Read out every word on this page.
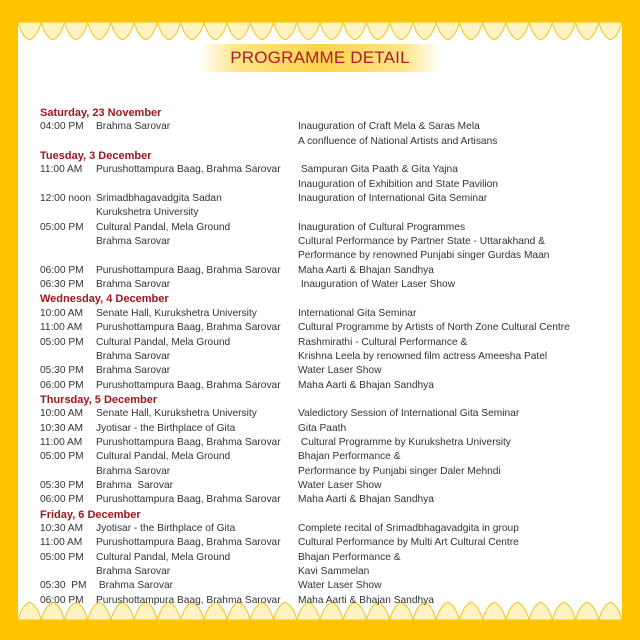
PROGRAMME DETAIL
Saturday, 23 November
04:00 PM	Brahma Sarovar	Inauguration of Craft Mela & Saras Mela
A confluence of National Artists and Artisans
Tuesday, 3 December
11:00 AM	Purushottampura Baag, Brahma Sarovar	Sampuran Gita Paath & Gita Yajna
Inauguration of Exhibition and State Pavilion
12:00 noon Srimadbhagavadgita Sadan	Inauguration of International Gita Seminar
Kurukshetra University
05:00 PM	Cultural Pandal, Mela Ground	Inauguration of Cultural Programmes
Brahma Sarovar	Cultural Performance by Partner State - Uttarakhand &
Performance by renowned Punjabi singer Gurdas Maan
06:00 PM	Purushottampura Baag, Brahma Sarovar	Maha Aarti & Bhajan Sandhya
06:30 PM	Brahma Sarovar	Inauguration of Water Laser Show
Wednesday, 4 December
10:00 AM	Senate Hall, Kurukshetra University	International Gita Seminar
11:00 AM	Purushottampura Baag, Brahma Sarovar	Cultural Programme by Artists of North Zone Cultural Centre
05:00 PM	Cultural Pandal, Mela Ground	Rashmirathi - Cultural Performance &
Brahma Sarovar	Krishna Leela by renowned film actress Ameesha Patel
05:30 PM	Brahma Sarovar	Water Laser Show
06:00 PM	Purushottampura Baag, Brahma Sarovar	Maha Aarti & Bhajan Sandhya
Thursday, 5 December
10:00 AM	Senate Hall, Kurukshetra University	Valedictory Session of International Gita Seminar
10:30 AM	Jyotisar - the Birthplace of Gita	Gita Paath
11:00 AM	Purushottampura Baag, Brahma Sarovar	Cultural Programme by Kurukshetra University
05:00 PM	Cultural Pandal, Mela Ground	Bhajan Performance &
Brahma Sarovar	Performance by Punjabi singer Daler Mehndi
05:30 PM	Brahma  Sarovar	Water Laser Show
06:00 PM	Purushottampura Baag, Brahma Sarovar	Maha Aarti & Bhajan Sandhya
Friday, 6 December
10:30 AM	Jyotisar - the Birthplace of Gita	Complete recital of Srimadbhagavadgita in group
11:00 AM	Purushottampura Baag, Brahma Sarovar	Cultural Performance by Multi Art Cultural Centre
05:00 PM	Cultural Pandal, Mela Ground	Bhajan Performance &
Brahma Sarovar	Kavi Sammelan
05:30  PM Brahma Sarovar	Water Laser Show
06:00 PM	Purushottampura Baag, Brahma Sarovar	Maha Aarti & Bhajan Sandhya
